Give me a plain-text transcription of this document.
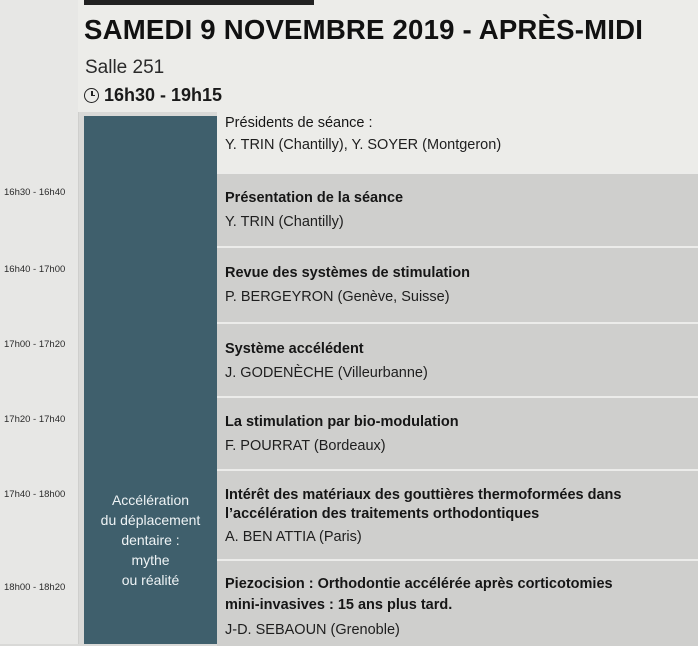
SAMEDI 9 NOVEMBRE 2019 - APRÈS-MIDI
Salle 251
16h30 - 19h15
Accélération
du déplacement
dentaire :
mythe
ou réalité
Présidents de séance :
Y. TRIN (Chantilly), Y. SOYER (Montgeron)
16h30 - 16h40	Présentation de la séance
Y. TRIN (Chantilly)
16h40 - 17h00	Revue des systèmes de stimulation
P. BERGEYRON (Genève, Suisse)
17h00 - 17h20	Système accélédent
J. GODENÈCHE (Villeurbanne)
17h20 - 17h40	La stimulation par bio-modulation
F. POURRAT (Bordeaux)
17h40 - 18h00	Intérêt des matériaux des gouttières thermoformées dans
l’accélération des traitements orthodontiques
A. BEN ATTIA (Paris)
18h00 - 18h20	Piezocision : Orthodontie accélérée après corticotomies
mini-invasives : 15 ans plus tard.
J-D. SEBAOUN (Grenoble)
